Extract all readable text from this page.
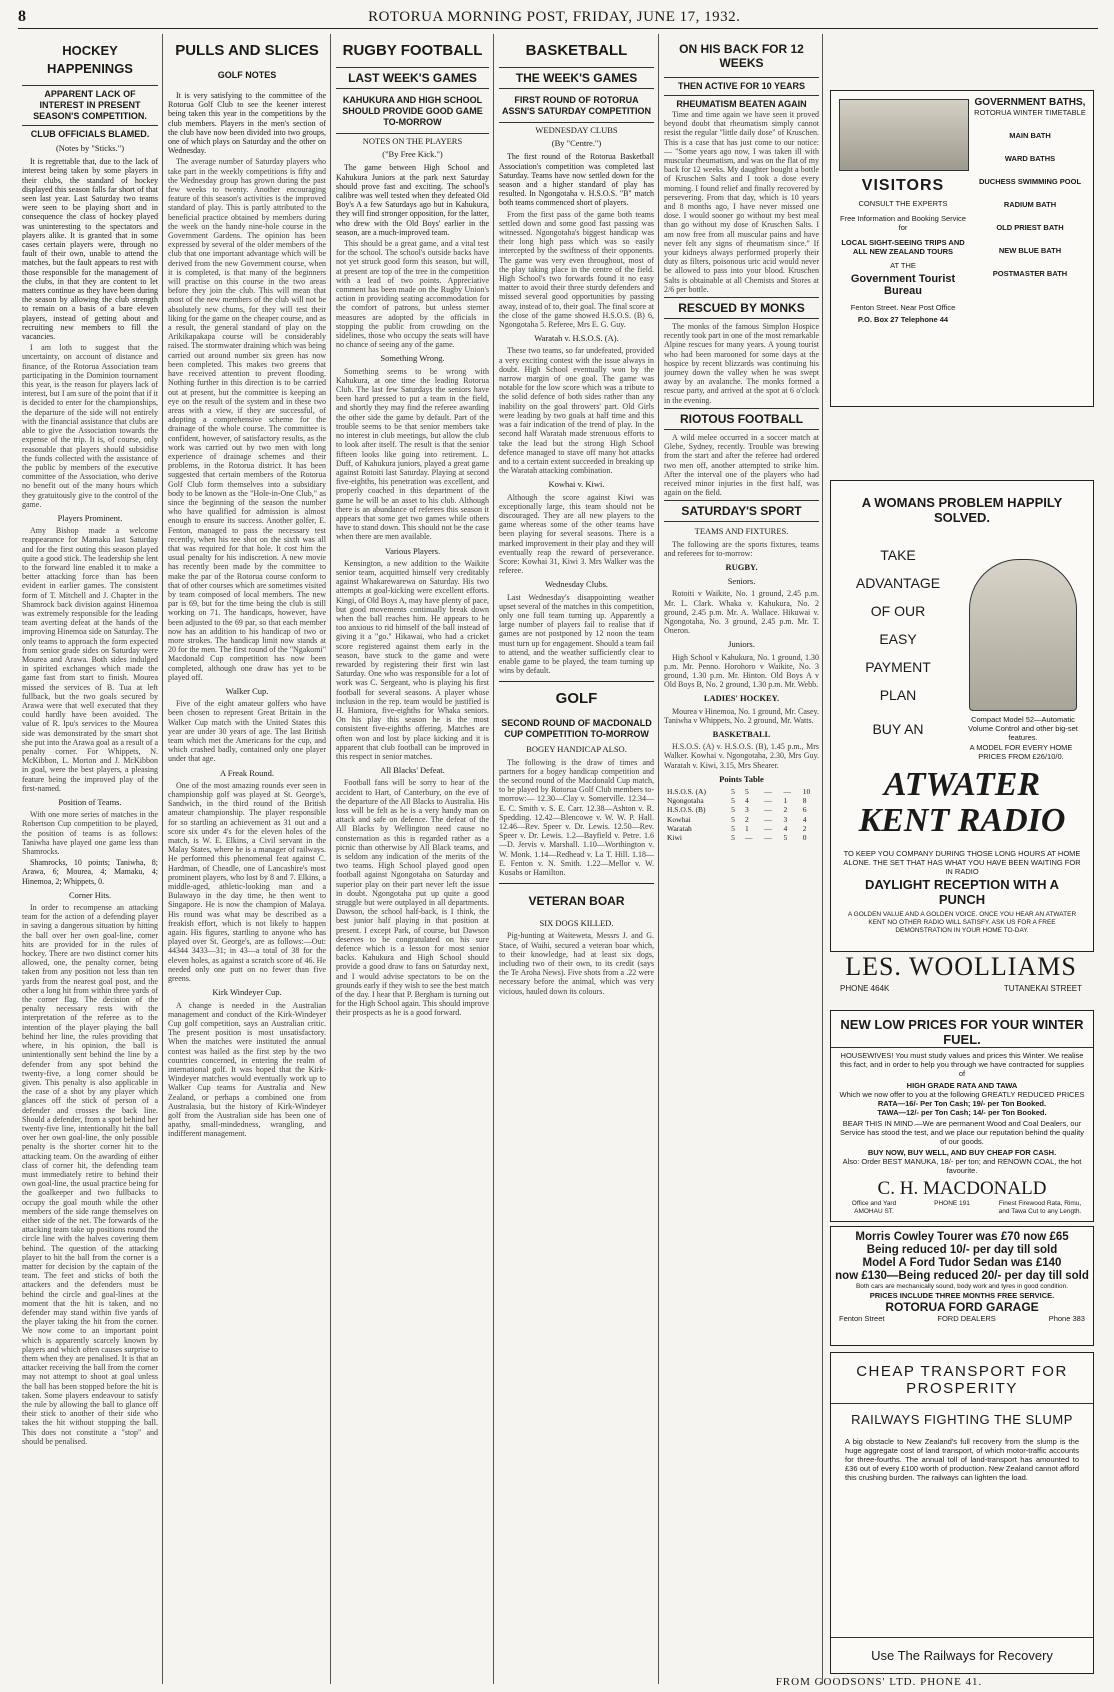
8	ROTORUA MORNING POST, FRIDAY, JUNE 17, 1932.
HOCKEY HAPPENINGS
APPARENT LACK OF INTEREST IN PRESENT SEASON'S COMPETITION.
CLUB OFFICIALS BLAMED.
(Notes by "Sticks.")

It is regrettable that, due to the lack of interest being taken by some players in their clubs, the standard of hockey displayed this season falls far short of that seen last year. Last Saturday two teams were seen to be playing short and in consequence the class of hockey played was uninteresting to the spectators and players alike. It is granted that in some cases certain players were, through no fault of their own, unable to attend the matches, but the fault appears to rest with those responsible for the management of the clubs, in that they are content to let matters continue as they have been during the season by allowing the club strength to remain on a basis of a bare eleven players, instead of getting about and recruiting new members to fill the vacancies.

I am loth to suggest that the uncertainty, on account of distance and finance, of the Rotorua Association team participating in the Dominion tournament this year, is the reason for players lack of interest, but I am sure of the point that if it is decided to enter for the championships, the departure of the side will not entirely with the financial assistance that clubs are able to give the Association towards the expense of the trip. It is, of course, only reasonable that players should subsidise the funds collected with the assistance of the public by members of the executive committee of the Association, who derive no benefit out of the many hours which they gratuitously give to the control of the game.

Players Prominent.

Amy Bishop made a welcome reappearance for Mamaku last Saturday and for the first outing this season played quite a good stick. The leadership she lent to the forward line enabled it to make a better attacking force than has been evident in earlier games. The consistent form of T. Mitchell and J. Chapter in the Shamrock back division against Hinemoa was extremely responsible for the leading team averting defeat at the hands of the improving Hinemoa side on Saturday. The only teams to approach the form expected from senior grade sides on Saturday were Mourea and Arawa. Both sides indulged in spirited exchanges which made the game fast from start to finish. Mourea missed the services of B. Tua at left fullback, but the two goals secured by Arawa were that well executed that they could hardly have been avoided. The value of R. Ipu's services to the Mourea side was demonstrated by the smart shot she put into the Arawa goal as a result of a penalty corner. For Whippets, N. McKibbon, L. Morton and J. McKibbon in goal, were the best players, a pleasing feature being the improved play of the first-named.

Position of Teams.

With one more series of matches in the Robertson Cup competition to be played, the position of teams is as follows: Taniwha have played one game less than Shamrocks.

Shamrocks, 10 points; Taniwha, 8; Arawa, 6; Mourea, 4; Mamaku, 4; Hinemoa, 2; Whippets, 0.

Corner Hits.

In order to recompense an attacking team for the action of a defending player in saving a dangerous situation by hitting the ball over her own goal-line, corner hits are provided for in the rules of hockey. There are two distinct corner hits allowed, one, the penalty corner, being taken from any position not less than ten yards from the nearest goal post, and the other a long hit from within three yards of the corner flag. The decision of the penalty necessary rests with the interpretation of the referee as to the intention of the player playing the ball behind her line, the rules providing that where, in his opinion, the ball is unintentionally sent behind the line by a defender from any spot behind the twenty-five, a long corner should be given. This penalty is also applicable in the case of a shot by any player which glances off the stick of person of a defender and crosses the back line. Should a defender, from a spot behind her twenty-five line, intentionally hit the ball over her own goal-line, the only possible penalty is the shorter corner hit to the attacking team. On the awarding of either class of corner hit, the defending team must immediately retire to behind their own goal-line, the usual practice being for the goalkeeper and two fullbacks to occupy the goal mouth while the other members of the side range themselves on either side of the net. The forwards of the attacking team take up positions round the circle line with the halves covering them behind. The question of the attacking player to hit the ball from the corner is a matter for decision by the captain of the team. The feet and sticks of both the attackers and the defenders must be behind the circle and goal-lines at the moment that the hit is taken, and no defender may stand within five yards of the player taking the hit from the corner. We now come to an important point which is apparently scarcely known by players and which often causes surprise to them when they are penalised. It is that an attacker receiving the ball from the corner may not attempt to shoot at goal unless the ball has been stopped before the hit is taken. Some players endeavour to satisfy the rule by allowing the ball to glance off their stick to another of their side who takes the hit without stopping the ball. This does not constitute a "stop" and should be penalised.

PULLS AND SLICES
GOLF NOTES

It is very satisfying to the committee of the Rotorua Golf Club to see the keener interest being taken this year in the competitions by the club members. Players in the men's section of the club have now been divided into two groups, one of which plays on Saturday and the other on Wednesday.

The average number of Saturday players who take part in the weekly competitions is fifty and the Wednesday group has grown during the past few weeks to twenty. Another encouraging feature of this season's activities is the improved standard of play. This is partly attributed to the beneficial practice obtained by members during the week on the handy nine-hole course in the Government Gardens. The opinion has been expressed by several of the older members of the club that one important advantage which will be derived from the new Government course, when it is completed, is that many of the beginners will practise on this course in the two areas before they join the club. This will mean that most of the new members of the club will not be absolutely new chums, for they will test their liking for the game on the cheaper course, and as a result, the general standard of play on the Arikikapakapa course will be considerably raised. The stormwater draining which was being carried out around number six green has now been completed. This makes two greens that have received attention to prevent flooding. Nothing further in this direction is to be carried out at present, but the committee is keeping an eye on the result of the system and in these two areas with a view, if they are successful, of adopting a comprehensive scheme for the drainage of the whole course. The committee is confident, however, of satisfactory results, as the work was carried out by two men with long experience of drainage schemes and their problems, in the Rotorua district. It has been suggested that certain members of the Rotorua Golf Club form themselves into a subsidiary body to be known as the "Hole-in-One Club," as since the beginning of the season the number who have qualified for admission is almost enough to ensure its success. Another golfer, E. Fenton, managed to pass the necessary test recently, when his tee shot on the sixth was all that was required for that hole. It cost him the usual penalty for his indiscretion. A new movie has recently been made by the committee to make the par of the Rotorua course conform to that of other courses which are sometimes visited by team composed of local members. The new par is 69, but for the time being the club is still working on 71. The handicaps, however, have been adjusted to the 69 par, so that each member now has an addition to his handicap of two or more strokes. The handicap limit now stands at 20 for the men. The first round of the "Ngakomi" Macdonald Cup competition has now been completed, although one draw has yet to be played off.

Walker Cup.

Five of the eight amateur golfers who have been chosen to represent Great Britain in the Walker Cup match with the United States this year are under 30 years of age. The last British team which met the Americans for the cup, and which crashed badly, contained only one player under that age.

A Freak Round.

One of the most amazing rounds ever seen in championship golf was played at St. George's, Sandwich, in the third round of the British amateur championship. The player responsible for so startling an achievement as 31 out and a score six under 4's for the eleven holes of the match, is W. E. Elkins, a Civil servant in the Malay States, where he is a manager of railways. He performed this phenomenal feat against C. Hardman, of Cheadle, one of Lancashire's most prominent players, who lost by 8 and 7. Elkins, a middle-aged, athletic-looking man and a Bulawayo in the day time, he then went to Singapore. He is now the champion of Malaya. His round was what may be described as a freakish effort, which is not likely to happen again. His figures, startling to anyone who has played over St. George's, are as follows:—Out: 44344 3433—31; in 43—a total of 38 for the eleven holes, as against a scratch score of 46. He needed only one putt on no fewer than five greens.

Kirk Windeyer Cup.

A change is needed in the Australian management and conduct of the Kirk-Windeyer Cup golf competition, says an Australian critic. The present position is most unsatisfactory. When the matches were instituted the annual contest was hailed as the first step by the two countries concerned, in entering the realm of international golf. It was hoped that the Kirk-Windeyer matches would eventually work up to Walker Cup teams for Australia and New Zealand, or perhaps a combined one from Australasia, but the history of Kirk-Windeyer golf from the Australian side has been one of apathy, small-mindedness, wrangling, and indifferent management.

RUGBY FOOTBALL
LAST WEEK'S GAMES
KAHUKURA AND HIGH SCHOOL SHOULD PROVIDE GOOD GAME TO-MORROW
NOTES ON THE PLAYERS
("By Free Kick.")

The game between High School and Kahukura Juniors at the park next Saturday should prove fast and exciting. The school's calibre was well tested when they defeated Old Boy's A a few Saturdays ago but in Kahukura, they will find stronger opposition, for the latter, who drew with the Old Boys' earlier in the season, are a much-improved team.

This should be a great game, and a vital test for the school. The school's outside backs have not yet struck good form this season, but will, at present are top of the tree in the competition with a lead of two points. Appreciative comment has been made on the Rugby Union's action in providing seating accommodation for the comfort of patrons, but unless sterner measures are adopted by the officials in stopping the public from crowding on the sidelines, those who occupy the seats will have no chance of seeing any of the game.

Something Wrong.

Something seems to be wrong with Kahukura, at one time the leading Rotorua Club. The last few Saturdays the seniors have been hard pressed to put a team in the field, and shortly they may find the referee awarding the other side the game by default. Part of the trouble seems to be that senior members take no interest in club meetings, but allow the club to look after itself. The result is that the senior fifteen looks like going into retirement. L. Duff, of Kahukura juniors, played a great game against Rotoiti last Saturday. Playing at second five-eighths, his penetration was excellent, and properly coached in this department of the game he will be an asset to his club. Although there is an abundance of referees this season it appears that some get two games while others have to stand down. This should not be the case when there are men available.

Various Players.

Kensington, a new addition to the Waikite senior team, acquitted himself very creditably against Whakarewarewa on Saturday. His two attempts at goal-kicking were excellent efforts. Kingi, of Old Boys A, may have plenty of pace, but good movements continually break down when the ball reaches him. He appears to be too anxious to rid himself of the ball instead of giving it a "go." Hikawai, who had a cricket score registered against them early in the season, have stuck to the game and were rewarded by registering their first win last Saturday. One who was responsible for a lot of work was C. Sergeant, who is playing his first football for several seasons. A player whose inclusion in the rep. team would be justified is H. Hamiora, five-eighths for Whaka seniors. On his play this season he is the most consistent five-eighths offering. Matches are often won and lost by place kicking and it is apparent that club football can be improved in this respect in senior matches.

All Blacks' Defeat.

Football fans will be sorry to hear of the accident to Hart, of Canterbury, on the eve of the departure of the All Blacks to Australia. His loss will be felt as he is a very handy man on attack and safe on defence. The defeat of the All Blacks by Wellington need cause no consternation as this is regarded rather as a picnic than otherwise by All Black teams, and is seldom any indication of the merits of the two teams. High School played good open football against Ngongotaha on Saturday and superior play on their part never left the issue in doubt. Ngongotaha put up quite a good struggle but were outplayed in all departments. Dawson, the school half-back, is I think, the best junior half playing in that position at present. I except Park, of course, but Dawson deserves to be congratulated on his sure defence which is a lesson for most senior backs. Kahukura and High School should provide a good draw to fans on Saturday next, and I would advise spectators to be on the grounds early if they wish to see the best match of the day. I hear that P. Bergham is turning out for the High School again. This should improve their prospects as he is a good forward.

BASKETBALL
THE WEEK'S GAMES
FIRST ROUND OF ROTORUA ASSN'S SATURDAY COMPETITION
WEDNESDAY CLUBS
(By "Centre.")

The first round of the Rotorua Basketball Association's competition was completed last Saturday. Teams have now settled down for the season and a higher standard of play has resulted. In Ngongotaha v. H.S.O.S. "B" match both teams commenced short of players.

From the first pass of the game both teams settled down and some good fast passing was witnessed. Ngongotaha's biggest handicap was their long high pass which was so easily intercepted by the swiftness of their opponents. The game was very even throughout, most of the play taking place in the centre of the field. High School's two forwards found it no easy matter to avoid their three sturdy defenders and missed several good opportunities by passing away, instead of to, their goal. The final score at the close of the game showed H.S.O.S. (B) 6, Ngongotaha 5. Referee, Mrs E. G. Guy.

Waratah v. H.S.O.S. (A).

These two teams, so far undefeated, provided a very exciting contest with the issue always in doubt. High School eventually won by the narrow margin of one goal. The game was notable for the low score which was a tribute to the solid defence of both sides rather than any inability on the goal throwers' part. Old Girls were leading by two goals at half time and this was a fair indication of the trend of play. In the second half Waratah made strenuous efforts to take the lead but the strong High School defence managed to stave off many hot attacks and to a certain extent succeeded in breaking up the Waratah attacking combination.

Kowhai v. Kiwi.

Although the score against Kiwi was exceptionally large, this team should not be discouraged. They are all new players to the game whereas some of the other teams have been playing for several seasons. There is a marked improvement in their play and they will eventually reap the reward of perseverance. Score: Kowhai 31, Kiwi 3. Mrs Walker was the referee.

Wednesday Clubs.

Last Wednesday's disappointing weather upset several of the matches in this competition, only one full team turning up. Apparently a large number of players fail to realise that if games are not postponed by 12 noon the team must turn up for engagement. Should a team fail to attend, and the weather sufficiently clear to enable game to be played, the team turning up wins by default.

GOLF
SECOND ROUND OF MACDONALD CUP COMPETITION TO-MORROW
BOGEY HANDICAP ALSO.

The following is the draw of times and partners for a bogey handicap competition and the second round of the Macdonald Cup match, to be played by Rotorua Golf Club members to-morrow:— 12.30—Clay v. Somerville. 12.34—E. C. Smith v. S. E. Carr. 12.38—Ashton v. R. Spedding. 12.42—Blencowe v. W. W. P. Hall. 12.46—Rev. Speer v. Dr. Lewis. 12.50—Rev. Speer v. Dr. Lewis. 1.2—Bayfield v. Petre. 1.6—D. Jervis v. Marshall. 1.10—Worthington v. W. Monk. 1.14—Redhead v. La T. Hill. 1.18—E. Fenton v. N. Smith. 1.22—Mellor v. W. Kusabs or Hamilton.

VETERAN BOAR
SIX DOGS KILLED.

Pig-hunting at Waiteweta, Messrs J. and G. Stace, of Waihi, secured a veteran boar which, to their knowledge, had at least six dogs, including two of their own, to its credit (says the Te Aroha News). Five shots from a .22 were necessary before the animal, which was very vicious, hauled down its colours.

ON HIS BACK FOR 12 WEEKS
THEN ACTIVE FOR 10 YEARS
RHEUMATISM BEATEN AGAIN

Time and time again we have seen it proved beyond doubt that rheumatism simply cannot resist the regular "little daily dose" of Kruschen. This is a case that has just come to our notice:— "Some years ago now, I was taken ill with muscular rheumatism, and was on the flat of my back for 12 weeks. My daughter bought a bottle of Kruschen Salts and I took a dose every morning. I found relief and finally recovered by persevering. From that day, which is 10 years and 8 months ago, I have never missed one dose. I would sooner go without my best meal than go without my dose of Kruschen Salts. I am now free from all muscular pains and have never felt any signs of rheumatism since." If your kidneys always performed properly their duty as filters, poisonous uric acid would never be allowed to pass into your blood. Kruschen Salts is obtainable at all Chemists and Stores at 2/6 per bottle.

RESCUED BY MONKS

The monks of the famous Simplon Hospice recently took part in one of the most remarkable Alpine rescues for many years. A young tourist who had been marooned for some days at the hospice by recent blizzards was continuing his journey down the valley when he was swept away by an avalanche. The monks formed a rescue party, and arrived at the spot at 6 o'clock in the evening.

RIOTOUS FOOTBALL

A wild melee occurred in a soccer match at Glebe, Sydney, recently. Trouble was brewing from the start and after the referee had ordered two men off, another attempted to strike him. After the interval one of the players who had received minor injuries in the first half, was again on the field.

SATURDAY'S SPORT
TEAMS AND FIXTURES.

The following are the sports fixtures, teams and referees for to-morrow:

RUGBY.
Seniors.

Rotoiti v Waikite, No. 1 ground, 2.45 p.m. Mr. L. Clark. Whaka v. Kahukura, No. 2 ground, 2.45 p.m. Mr. A. Wallace. Hikuwai v. Ngongotaha, No. 3 ground, 2.45 p.m. Mr. T. Oneron.

Juniors.

High School v Kahukura, No. 1 ground, 1.30 p.m. Mr. Penno. Horohoro v Waikite, No. 3 ground, 1.30 p.m. Mr. Hinton. Old Boys A v Old Boys B, No. 2 ground, 1.30 p.m. Mr. Webb.

LADIES' HOCKEY.

Mourea v Hinemoa, No. 1 ground, Mr. Casey. Taniwha v Whippets, No. 2 ground, Mr. Watts.

BASKETBALL

H.S.O.S. (A) v. H.S.O.S. (B), 1.45 p.m., Mrs Walker. Kowhai v. Ngongotaha, 2.30, Mrs Guy. Waratah v. Kiwi, 3.15, Mrs Shearer.

Points Table
H.S.O.S. (A)	5	5	—	—	10
Ngongotaha	5	4	—	1	8
H.S.O.S. (B)	5	3	—	2	6
Kowhai	5	2	—	3	4
Waratah	5	1	—	4	2
Kiwi	5	—	—	5	0
VISITORS
CONSULT THE EXPERTS
Free Information and Booking Service for
LOCAL SIGHT-SEEING TRIPS AND ALL NEW ZEALAND TOURS
AT THE
Government Tourist Bureau
Fenton Street. Near Post Office
P.O. Box 27 Telephone 44
GOVERNMENT BATHS,
ROTORUA WINTER TIMETABLE
MAIN BATH
WARD BATHS
DUCHESS SWIMMING POOL
RADIUM BATH
OLD PRIEST BATH
NEW BLUE BATH
POSTMASTER BATH
A WOMANS PROBLEM HAPPILY SOLVED.
TAKE
ADVANTAGE
OF OUR
EASY
PAYMENT
PLAN
BUY AN
Compact Model 52—Automatic Volume Control and other big-set features.
A MODEL FOR EVERY HOME PRICES FROM £26/10/0.
ATWATER KENT RADIO
TO KEEP YOU COMPANY DURING THOSE LONG HOURS AT HOME ALONE. THE SET THAT HAS WHAT YOU HAVE BEEN WAITING FOR IN RADIO
DAYLIGHT RECEPTION WITH A PUNCH
A GOLDEN VALUE AND A GOLDEN VOICE. ONCE YOU HEAR AN ATWATER KENT NO OTHER RADIO WILL SATISFY. ASK US FOR A FREE DEMONSTRATION IN YOUR HOME TO-DAY.
LES. WOOLLIAMS
PHONE 464K	TUTANEKAI STREET
NEW LOW PRICES FOR YOUR WINTER FUEL.
HOUSEWIVES! You must study values and prices this Winter. We realise this fact, and in order to help you through we have contracted for supplies of
HIGH GRADE RATA AND TAWA
Which we now offer to you at the following GREATLY REDUCED PRICES
RATA—16/- Per Ton Cash; 19/- per Ton Booked.
TAWA—12/- per Ton Cash; 14/- per Ton Booked.
BEAR THIS IN MIND.—We are permanent Wood and Coal Dealers, our Service has stood the test, and we place our reputation behind the quality of our goods.
BUY NOW, BUY WELL, AND BUY CHEAP FOR CASH.
Also: Order BEST MANUKA, 18/- per ton; and RENOWN COAL, the hot favourite.
C. H. MACDONALD
Office and Yard AMOHAU ST.
PHONE 191	Finest Firewood Rata, Rimu, and Tawa Cut to any Length.
Morris Cowley Tourer was £70 now £65
Being reduced 10/- per day till sold
Model A Ford Tudor Sedan was £140
now £130—Being reduced 20/- per day till sold
Both cars are mechanically sound, body work and tyres in good condition.
PRICES INCLUDE THREE MONTHS FREE SERVICE.
ROTORUA FORD GARAGE
Fenton Street	FORD DEALERS	Phone 383
CHEAP TRANSPORT FOR PROSPERITY
RAILWAYS FIGHTING THE SLUMP
A big obstacle to New Zealand's full recovery from the slump is the huge aggregate cost of land transport, of which motor-traffic accounts for three-fourths. The annual toll of land-transport has amounted to £36 out of every £100 worth of production. New Zealand cannot afford this crushing burden. The railways can lighten the load.
Use The Railways for Recovery
FROM GOODSONS' LTD. PHONE 41.
